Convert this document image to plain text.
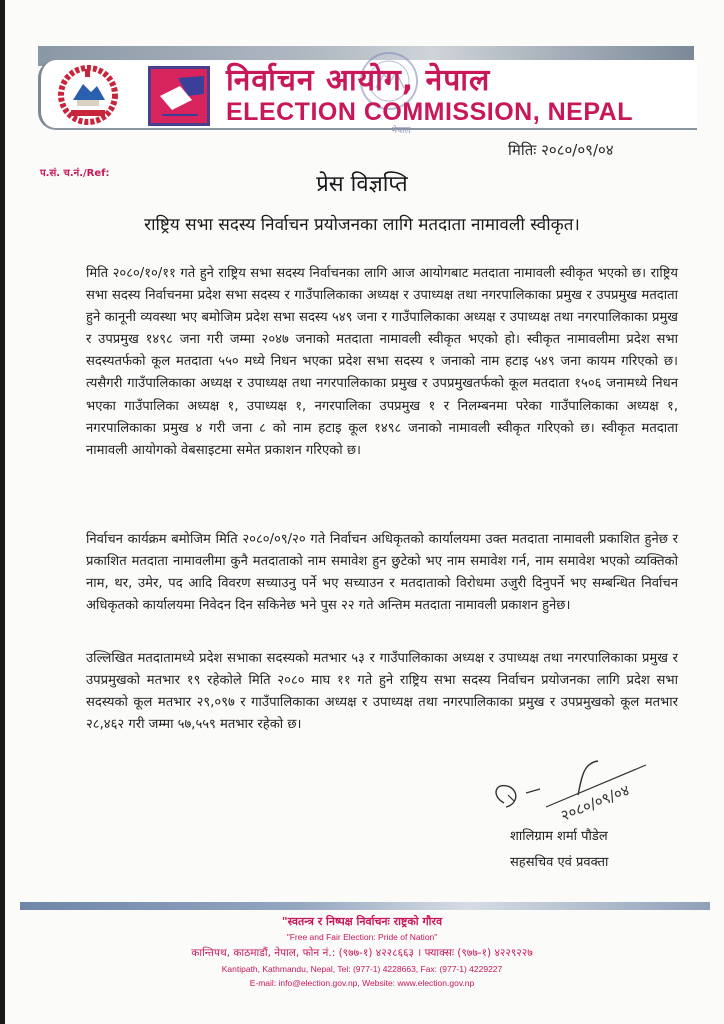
नेपाल
निर्वाचन आयोग, नेपाल
ELECTION COMMISSION, NEPAL
मितिः २०८०/०९/०४
प.सं. च.नं./Ref:	प्रेस विज्ञप्ति
राष्ट्रिय सभा सदस्य निर्वाचन प्रयोजनका लागि मतदाता नामावली स्वीकृत।
मिति २०८०/१०/११ गते हुने राष्ट्रिय सभा सदस्य निर्वाचनका लागि आज आयोगबाट मतदाता नामावली स्वीकृत भएको छ। राष्ट्रिय सभा सदस्य निर्वाचनमा प्रदेश सभा सदस्य र गाउँपालिकाका अध्यक्ष र उपाध्यक्ष तथा नगरपालिकाका प्रमुख र उपप्रमुख मतदाता हुने कानूनी व्यवस्था भए बमोजिम प्रदेश सभा सदस्य ५४९ जना र गाउँपालिकाका अध्यक्ष र उपाध्यक्ष तथा नगरपालिकाका प्रमुख र उपप्रमुख १४९८ जना गरी जम्मा २०४७ जनाको मतदाता नामावली स्वीकृत भएको हो। स्वीकृत नामावलीमा प्रदेश सभा सदस्यतर्फको कूल मतदाता ५५० मध्ये निधन भएका प्रदेश सभा सदस्य १ जनाको नाम हटाइ ५४९ जना कायम गरिएको छ। त्यसैगरी गाउँपालिकाका अध्यक्ष र उपाध्यक्ष तथा नगरपालिकाका प्रमुख र उपप्रमुखतर्फको कूल मतदाता १५०६ जनामध्ये निधन भएका गाउँपालिका अध्यक्ष १, उपाध्यक्ष १, नगरपालिका उपप्रमुख १ र निलम्बनमा परेका गाउँपालिकाका अध्यक्ष १, नगरपालिकाका प्रमुख ४ गरी जना ८ को नाम हटाइ कूल १४९८ जनाको नामावली स्वीकृत गरिएको छ। स्वीकृत मतदाता नामावली आयोगको वेबसाइटमा समेत प्रकाशन गरिएको छ।
निर्वाचन कार्यक्रम बमोजिम मिति २०८०/०९/२० गते निर्वाचन अधिकृतको कार्यालयमा उक्त मतदाता नामावली प्रकाशित हुनेछ र प्रकाशित मतदाता नामावलीमा कुनै मतदाताको नाम समावेश हुन छुटेको भए नाम समावेश गर्न, नाम समावेश भएको व्यक्तिको नाम, थर, उमेर, पद आदि विवरण सच्याउनु पर्ने भए सच्याउन र मतदाताको विरोधमा उजुरी दिनुपर्ने भए सम्बन्धित निर्वाचन अधिकृतको कार्यालयमा निवेदन दिन सकिनेछ भने पुस २२ गते अन्तिम मतदाता नामावली प्रकाशन हुनेछ।
उल्लिखित मतदातामध्ये प्रदेश सभाका सदस्यको मतभार ५३ र गाउँपालिकाका अध्यक्ष र उपाध्यक्ष तथा नगरपालिकाका प्रमुख र उपप्रमुखको मतभार १९ रहेकोले मिति २०८० माघ ११ गते हुने राष्ट्रिय सभा सदस्य निर्वाचन प्रयोजनका लागि प्रदेश सभा सदस्यको कूल मतभार २९,०९७ र गाउँपालिकाका अध्यक्ष र उपाध्यक्ष तथा नगरपालिकाका प्रमुख र उपप्रमुखको कूल मतभार २८,४६२ गरी जम्मा ५७,५५९ मतभार रहेको छ।
२०८०/०९/०४
शालिग्राम शर्मा पौडेल
सहसचिव एवं प्रवक्ता
"स्वतन्त्र र निष्पक्ष निर्वाचनः राष्ट्रको गौरव
"Free and Fair Election: Pride of Nation"
कान्तिपथ, काठमाडौं, नेपाल, फोन नं.: (९७७-१) ४२२८६६३ । फ्याक्सः (९७७-१) ४२२९२२७
Kantipath, Kathmandu, Nepal, Tel: (977-1) 4228663, Fax: (977-1) 4229227
E-mail: info@election.gov.np, Website: www.election.gov.np
